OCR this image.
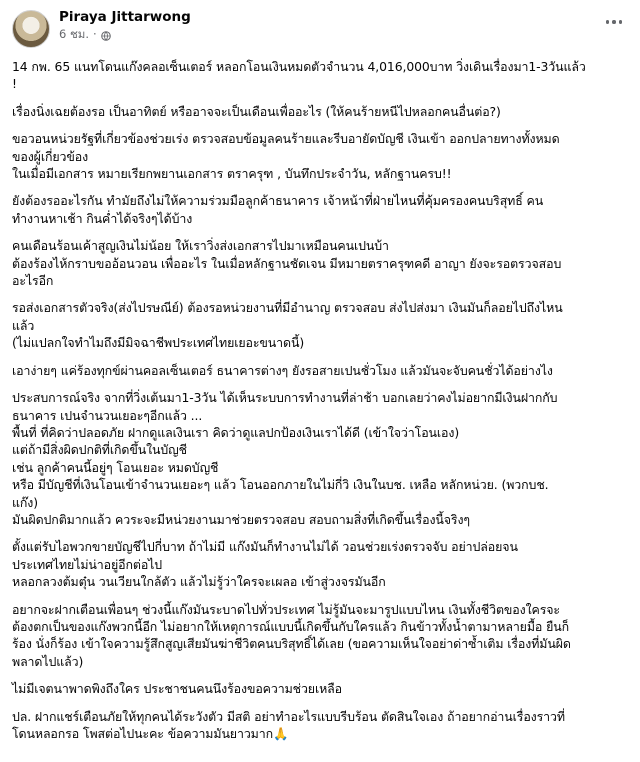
Piraya Jittarwong
6 ชม. ·
14 กพ. 65 แนทโดนแก๊งคลอเซ็นเตอร์ หลอกโอนเงินหมดตัวจำนวน 4,016,000บาท วิ่งเดินเรื่องมา1-3วันแล้ว
!
เรื่องนิ่งเฉยต้องรอ เป็นอาทิตย์ หรืออาจจะเป็นเดือนเพื่ออะไร (ให้คนร้ายหนีไปหลอกคนอื่นต่อ?)
ขอวอนหน่วยรัฐที่เกี่ยวข้องช่วยเร่ง ตรวจสอบข้อมูลคนร้ายและรีบอายัดบัญชี เงินเข้า ออกปลายทางทั้งหมด
ของผู้เกี่ยวข้อง
ในเมื่อมีเอกสาร หมายเรียกพยานเอกสาร ตราครุฑ , บันทึกประจำวัน, หลักฐานครบ!!
ยังต้องรออะไรกัน ทำมัยถึงไม่ให้ความร่วมมือลูกค้าธนาคาร เจ้าหน้าที่ฝ่ายไหนที่คุ้มครองคนบริสุทธิ์ คน
ทำงานหาเช้า กินค่ำได้จริงๆได้บ้าง
คนเดือนร้อนเค้าสูญเงินไม่น้อย ให้เราวิ่งส่งเอกสารไปมาเหมือนคนเปนบ้า
ต้องร้องไห้กราบขออ้อนวอน เพื่ออะไร ในเมื่อหลักฐานชัดเจน มีหมายตราครุฑคดี อาญา ยังจะรอตรวจสอบ
อะไรอีก
รอส่งเอกสารตัวจริง(ส่งไปรษณีย์) ต้องรอหน่วยงานที่มีอำนาญ ตรวจสอบ ส่งไปส่งมา เงินมันก็ลอยไปถึงไหน
แล้ว
(ไม่แปลกใจทำไมถึงมีมิจฉาชีพประเทศไทยเยอะขนาดนี้)
เอาง่ายๆ แค่ร้องทุกข์ผ่านคอลเซ็นเตอร์ ธนาคารต่างๆ ยังรอสายเปนชั่วโมง แล้วมันจะจับคนชั่วได้อย่างไง
ประสบการณ์จริง จากที่วิ่งเต้นมา1-3วัน ได้เห็นระบบการทำงานที่ล่าช้า บอกเลยว่าคงไม่อยากมีเงินฝากกับ
ธนาคาร เปนจำนวนเยอะๆอีกแล้ว ...
พื้นที่ ที่คิดว่าปลอดภัย ฝากดูแลเงินเรา คิดว่าดูแลปกป้องเงินเราได้ดี (เข้าใจว่าโอนเอง)
แต่ถ้ามีสิ่งผิดปกติที่เกิดขึ้นในบัญชี
เช่น ลูกค้าคนนี้อยู่ๆ โอนเยอะ หมดบัญชี
หรือ มีบัญชีที่เงินโอนเข้าจำนวนเยอะๆ แล้ว โอนออกภายในไม่กี่วิ เงินในบช. เหลือ หลักหน่วย. (พวกบช.
แก๊ง)
มันผิดปกติมากแล้ว ควระจะมีหน่วยงานมาช่วยตรวจสอบ สอบถามสิ่งที่เกิดขึ้นเรื่องนี้จริงๆ
ตั้งแต่รับไอพวกขายบัญชีไปกี่บาท ถ้าไม่มี แก๊งมันก็ทำงานไม่ได้ วอนช่วยเร่งตรวจจับ อย่าปล่อยจน
ประเทศไทยไม่น่าอยู่อีกต่อไป
หลอกลวงต้มตุ๋น วนเวียนใกล้ตัว แล้วไม่รู้ว่าใครจะเผลอ เข้าสู่วงจรมันอีก
อยากจะฝากเตือนเพื่อนๆ ช่วงนี้แก๊งมันระบาดไปทั่วประเทศ ไม่รู้มันจะมารูปแบบไหน เงินทั้งชีวิตของใครจะ
ต้องตกเป็นของแก๊งพวกนี้อีก ไม่อยากให้เหตุการณ์แบบนี้เกิดขึ้นกับใครแล้ว กินข้าวทั้งน้ำตามาหลายมื้อ ยืนก็
ร้อง นั่งก็ร้อง เข้าใจความรู้สึกสูญเสียมันฆ่าชีวิตคนบริสุทธิ์ได้เลย (ขอความเห็นใจอย่าด่าซ้ำเติม เรื่องที่มันผิด
พลาดไปแล้ว)
ไม่มีเจตนาพาดพิงถึงใคร ประชาชนคนนึงร้องขอความช่วยเหลือ
ปล. ฝากแชร์เตือนภัยให้ทุกคนได้ระวังตัว มีสติ อย่าทำอะไรแบบรีบร้อน ตัดสินใจเอง ถ้าอยากอ่านเรื่องราวที่
โดนหลอกรอ โพสต่อไปนะคะ ข้อความมันยาวมาก🙏
